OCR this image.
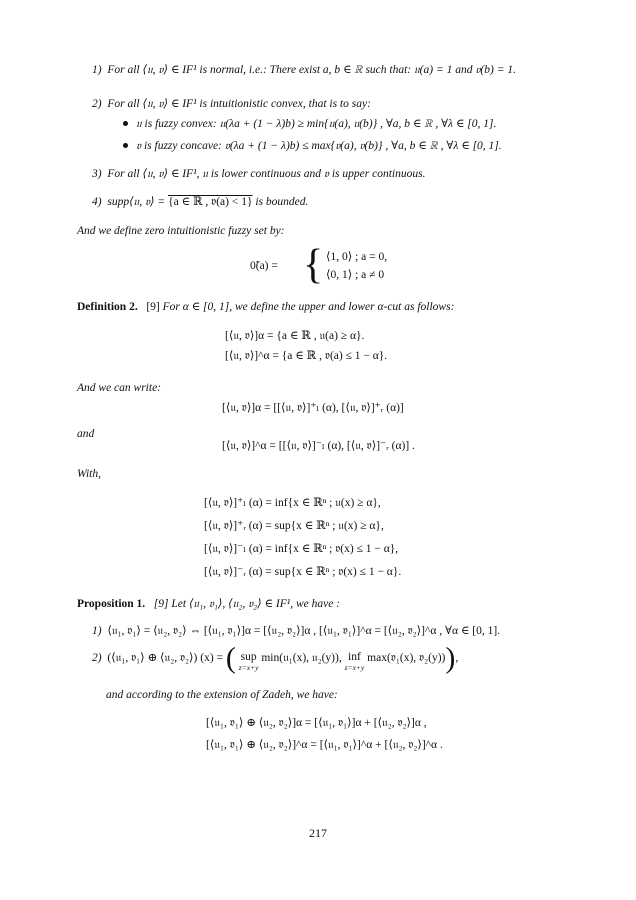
1) For all ⟨𝔲, 𝔳⟩ ∈ IF¹ is normal, i.e.: There exist a, b ∈ ℝ such that: 𝔲(a) = 1 and 𝔳(b) = 1.
2) For all ⟨𝔲, 𝔳⟩ ∈ IF¹ is intuitionistic convex, that is to say:
𝔲 is fuzzy convex: 𝔲(λa + (1 − λ)b) ≥ min{𝔲(a), 𝔲(b)} , ∀a, b ∈ ℝ , ∀λ ∈ [0, 1].
𝔳 is fuzzy concave: 𝔳(λa + (1 − λ)b) ≤ max{𝔳(a), 𝔳(b)} , ∀a, b ∈ ℝ , ∀λ ∈ [0, 1].
3) For all ⟨𝔲, 𝔳⟩ ∈ IF¹, 𝔲 is lower continuous and 𝔳 is upper continuous.
4) supp⟨𝔲, 𝔳⟩ = {a ∈ ℝ , 𝔳(a) < 1} is bounded.
And we define zero intuitionistic fuzzy set by:
0̃(a) = { ⟨1, 0⟩ ; a = 0,
⟨0, 1⟩ ; a ≠ 0
Definition 2. [9] For α ∈ [0, 1], we define the upper and lower α-cut as follows:
[⟨𝔲, 𝔳⟩]α = {a ∈ ℝ , 𝔲(a) ≥ α}.
[⟨𝔲, 𝔳⟩]^α = {a ∈ ℝ , 𝔳(a) ≤ 1 − α}.
And we can write:
[⟨𝔲, 𝔳⟩]α = [[⟨𝔲, 𝔳⟩]⁺ₗ (α), [⟨𝔲, 𝔳⟩]⁺ᵣ (α)]
and
[⟨𝔲, 𝔳⟩]^α = [[⟨𝔲, 𝔳⟩]⁻ₗ (α), [⟨𝔲, 𝔳⟩]⁻ᵣ (α)] .
With,
[⟨𝔲, 𝔳⟩]⁺ₗ (α) = inf{x ∈ ℝⁿ ; 𝔲(x) ≥ α},
[⟨𝔲, 𝔳⟩]⁺ᵣ (α) = sup{x ∈ ℝⁿ ; 𝔲(x) ≥ α},
[⟨𝔲, 𝔳⟩]⁻ₗ (α) = inf{x ∈ ℝⁿ ; 𝔳(x) ≤ 1 − α},
[⟨𝔲, 𝔳⟩]⁻ᵣ (α) = sup{x ∈ ℝⁿ ; 𝔳(x) ≤ 1 − α}.
Proposition 1. [9] Let ⟨𝔲₁, 𝔳₁⟩, ⟨𝔲₂, 𝔳₂⟩ ∈ IF¹, we have :
1) ⟨𝔲₁, 𝔳₁⟩ = ⟨𝔲₂, 𝔳₂⟩ ⇔ [⟨𝔲₁, 𝔳₁⟩]α = [⟨𝔲₂, 𝔳₂⟩]α , [⟨𝔲₁, 𝔳₁⟩]^α = [⟨𝔲₂, 𝔳₂⟩]^α , ∀α ∈ [0, 1].
2) (⟨𝔲₁, 𝔳₁⟩ ⊕ ⟨𝔲₂, 𝔳₂⟩) (x) = ( sup
z=x+y
min(𝔲₁(x), 𝔲₂(y)), inf
z=x+y
max(𝔳₁(x), 𝔳₂(y))),
and according to the extension of Zadeh, we have:
[⟨𝔲₁, 𝔳₁⟩ ⊕ ⟨𝔲₂, 𝔳₂⟩]α = [⟨𝔲₁, 𝔳₁⟩]α + [⟨𝔲₂, 𝔳₂⟩]α ,
[⟨𝔲₁, 𝔳₁⟩ ⊕ ⟨𝔲₂, 𝔳₂⟩]^α = [⟨𝔲₁, 𝔳₁⟩]^α + [⟨𝔲₂, 𝔳₂⟩]^α .
217
